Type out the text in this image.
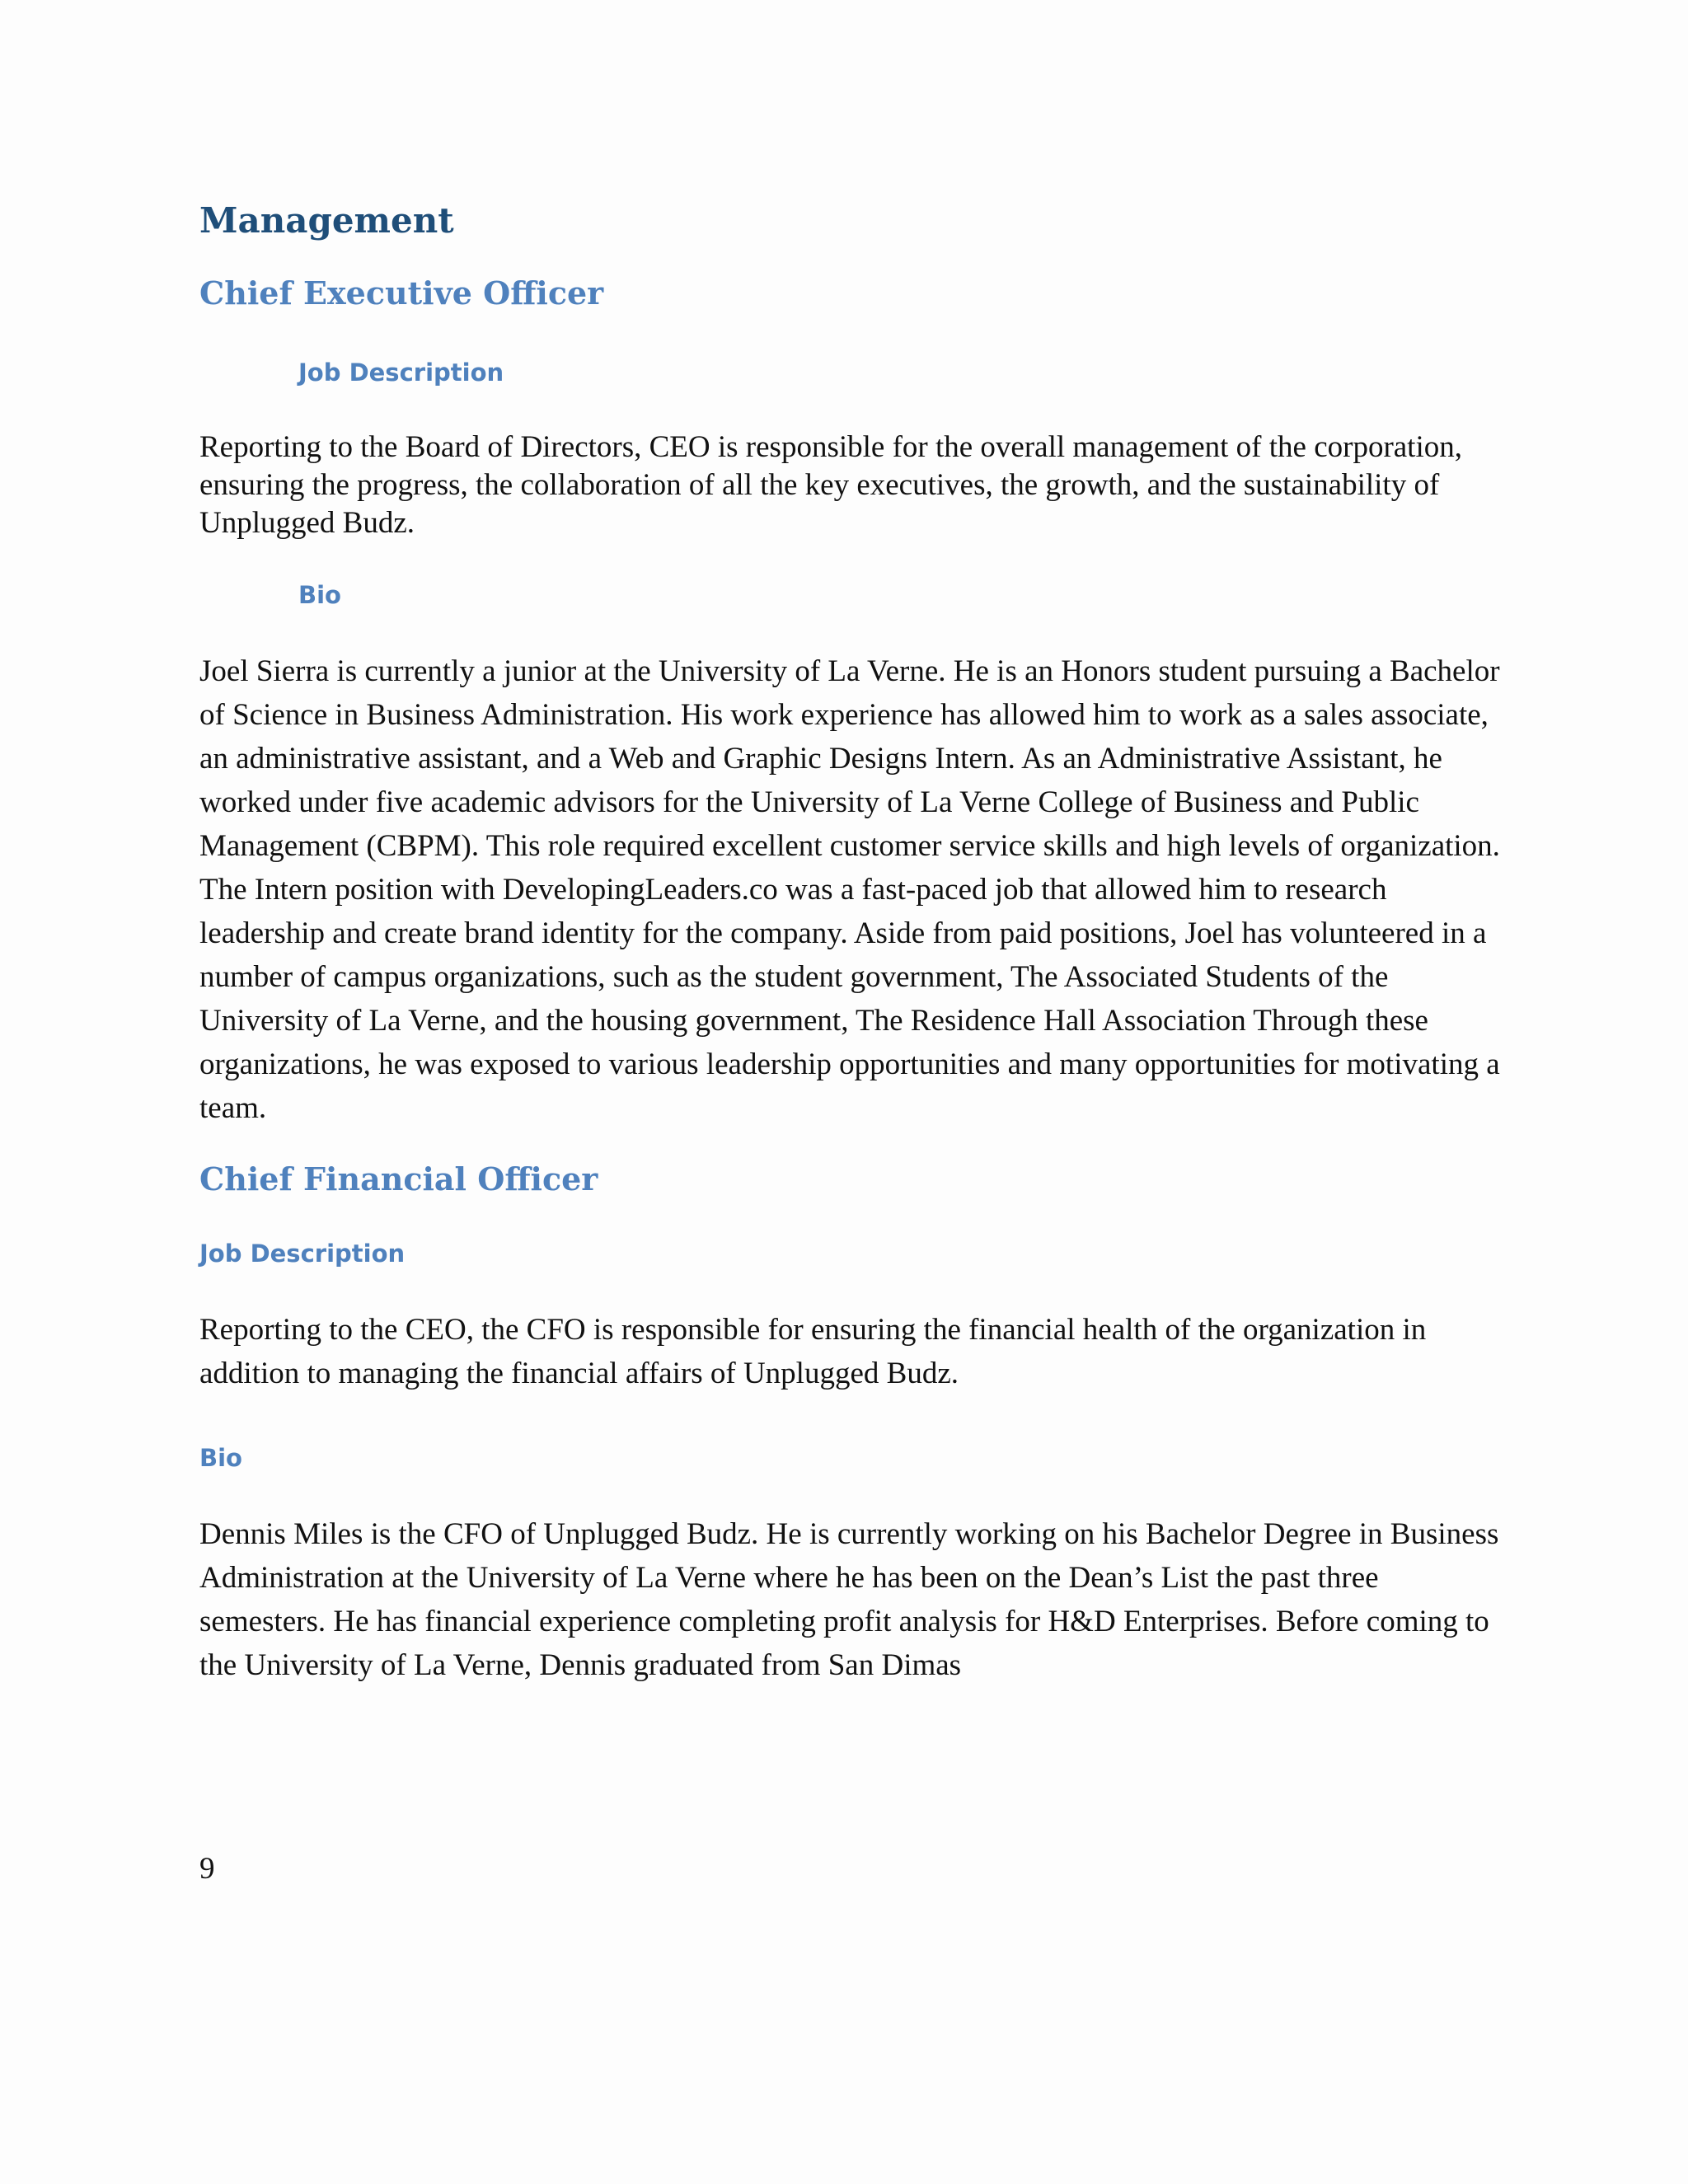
Management
Chief Executive Officer
Job Description

Reporting to the Board of Directors, CEO is responsible for the overall management of the corporation, ensuring the progress, the collaboration of all the key executives, the growth, and the sustainability of Unplugged Budz.

Bio

Joel Sierra is currently a junior at the University of La Verne. He is an Honors student pursuing a Bachelor of Science in Business Administration. His work experience has allowed him to work as a sales associate, an administrative assistant, and a Web and Graphic Designs Intern. As an Administrative Assistant, he worked under five academic advisors for the University of La Verne College of Business and Public Management (CBPM). This role required excellent customer service skills and high levels of organization. The Intern position with DevelopingLeaders.co was a fast-paced job that allowed him to research leadership and create brand identity for the company. Aside from paid positions, Joel has volunteered in a number of campus organizations, such as the student government, The Associated Students of the University of La Verne, and the housing government, The Residence Hall Association Through these organizations, he was exposed to various leadership opportunities and many opportunities for motivating a team.

Chief Financial Officer
Job Description

Reporting to the CEO, the CFO is responsible for ensuring the financial health of the organization in addition to managing the financial affairs of Unplugged Budz.

Bio

Dennis Miles is the CFO of Unplugged Budz. He is currently working on his Bachelor Degree in Business Administration at the University of La Verne where he has been on the Dean’s List the past three semesters. He has financial experience completing profit analysis for H&D Enterprises. Before coming to the University of La Verne, Dennis graduated from San Dimas

9
